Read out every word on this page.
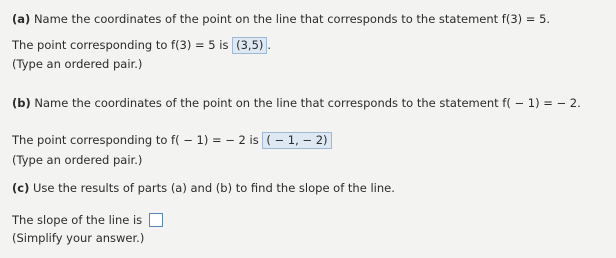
(a) Name the coordinates of the point on the line that corresponds to the statement f(3) = 5.
The point corresponding to f(3) = 5 is (3,5) .
(Type an ordered pair.)
(b) Name the coordinates of the point on the line that corresponds to the statement f( − 1) = − 2.
The point corresponding to f( − 1) = − 2 is ( − 1, − 2)
(Type an ordered pair.)
(c) Use the results of parts (a) and (b) to find the slope of the line.
The slope of the line is
(Simplify your answer.)
